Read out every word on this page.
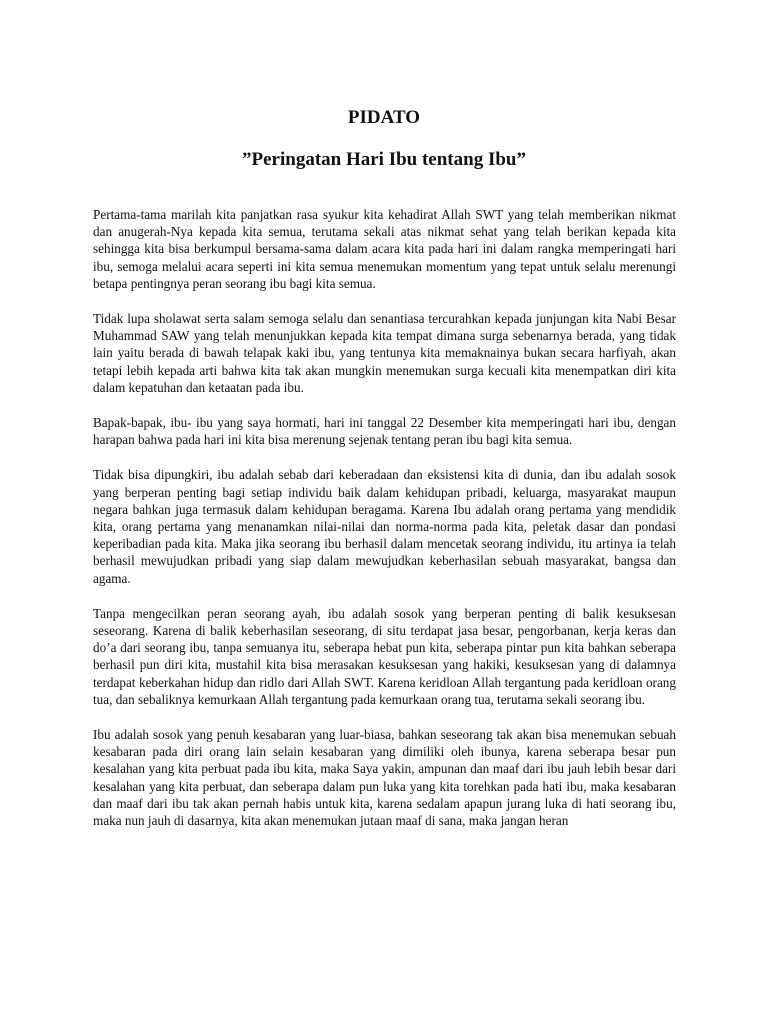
PIDATO
”Peringatan Hari Ibu tentang Ibu”

Pertama-tama marilah kita panjatkan rasa syukur kita kehadirat Allah SWT yang telah memberikan nikmat dan anugerah-Nya kepada kita semua, terutama sekali atas nikmat sehat yang telah berikan kepada kita sehingga kita bisa berkumpul bersama-sama dalam acara kita pada hari ini dalam rangka memperingati hari ibu, semoga melalui acara seperti ini kita semua menemukan momentum yang tepat untuk selalu merenungi betapa pentingnya peran seorang ibu bagi kita semua.

Tidak lupa sholawat serta salam semoga selalu dan senantiasa tercurahkan kepada junjungan kita Nabi Besar Muhammad SAW yang telah menunjukkan kepada kita tempat dimana surga sebenarnya berada, yang tidak lain yaitu berada di bawah telapak kaki ibu, yang tentunya kita memaknainya bukan secara harfiyah, akan tetapi lebih kepada arti bahwa kita tak akan mungkin menemukan surga kecuali kita menempatkan diri kita dalam kepatuhan dan ketaatan pada ibu.

Bapak-bapak, ibu- ibu yang saya hormati, hari ini tanggal 22 Desember kita memperingati hari ibu, dengan harapan bahwa pada hari ini kita bisa merenung sejenak tentang peran ibu bagi kita semua.

Tidak bisa dipungkiri, ibu adalah sebab dari keberadaan dan eksistensi kita di dunia, dan ibu adalah sosok yang berperan penting bagi setiap individu baik dalam kehidupan pribadi, keluarga, masyarakat maupun negara bahkan juga termasuk dalam kehidupan beragama. Karena Ibu adalah orang pertama yang mendidik kita, orang pertama yang menanamkan nilai-nilai dan norma-norma pada kita, peletak dasar dan pondasi keperibadian pada kita. Maka jika seorang ibu berhasil dalam mencetak seorang individu, itu artinya ia telah berhasil mewujudkan pribadi yang siap dalam mewujudkan keberhasilan sebuah masyarakat, bangsa dan agama.

Tanpa mengecilkan peran seorang ayah, ibu adalah sosok yang berperan penting di balik kesuksesan seseorang. Karena di balik keberhasilan seseorang, di situ terdapat jasa besar, pengorbanan, kerja keras dan do’a dari seorang ibu, tanpa semuanya itu, seberapa hebat pun kita, seberapa pintar pun kita bahkan seberapa berhasil pun diri kita, mustahil kita bisa merasakan kesuksesan yang hakiki, kesuksesan yang di dalamnya terdapat keberkahan hidup dan ridlo dari Allah SWT. Karena keridloan Allah tergantung pada keridloan orang tua, dan sebaliknya kemurkaan Allah tergantung pada kemurkaan orang tua, terutama sekali seorang ibu.

Ibu adalah sosok yang penuh kesabaran yang luar-biasa, bahkan seseorang tak akan bisa menemukan sebuah kesabaran pada diri orang lain selain kesabaran yang dimiliki oleh ibunya, karena seberapa besar pun kesalahan yang kita perbuat pada ibu kita, maka Saya yakin, ampunan dan maaf dari ibu jauh lebih besar dari kesalahan yang kita perbuat, dan seberapa dalam pun luka yang kita torehkan pada hati ibu, maka kesabaran dan maaf dari ibu tak akan pernah habis untuk kita, karena sedalam apapun jurang luka di hati seorang ibu, maka nun jauh di dasarnya, kita akan menemukan jutaan maaf di sana, maka jangan heran
